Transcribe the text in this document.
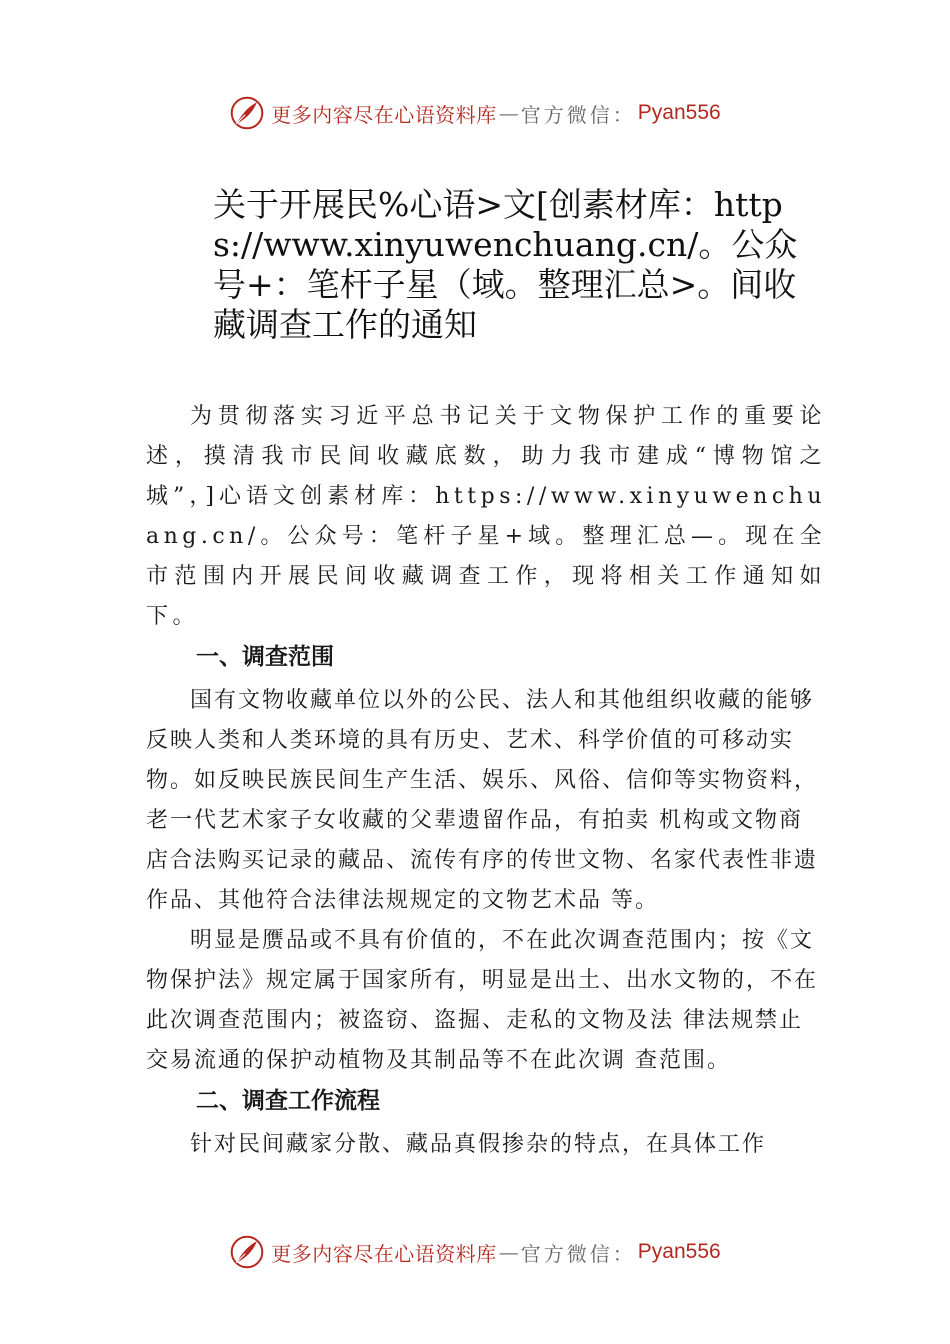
更多内容尽在心语资料库 — 官方微信： Pyan556
关于开展民%心语>文[创素材库：https://www.xinyuwenchuang.cn/。公众号+：笔杆子星（域。整理汇总>。间收藏调查工作的通知

为贯彻落实习近平总书记关于文物保护工作的重要论述，摸清我市民间收藏底数，助力我市建成“博物馆之城”，]心语文创素材库：https://www.xinyuwenchuang.cn/。公众号：笔杆子星+域。整理汇总—。现在全市范围内开展民间收藏调查工作，现将相关工作通知如下。

一、调查范围

国有文物收藏单位以外的公民、法人和其他组织收藏的能够反映人类和人类环境的具有历史、艺术、科学价值的可移动实物。如反映民族民间生产生活、娱乐、风俗、信仰等实物资料，老一代艺术家子女收藏的父辈遗留作品，有拍卖 机构或文物商店合法购买记录的藏品、流传有序的传世文物、名家代表性非遗作品、其他符合法律法规规定的文物艺术品 等。

明显是赝品或不具有价值的，不在此次调查范围内；按《文物保护法》规定属于国家所有，明显是出土、出水文物的，不在此次调查范围内；被盗窃、盗掘、走私的文物及法 律法规禁止交易流通的保护动植物及其制品等不在此次调 查范围。

二、调查工作流程

针对民间藏家分散、藏品真假掺杂的特点，在具体工作

更多内容尽在心语资料库 — 官方微信： Pyan556
